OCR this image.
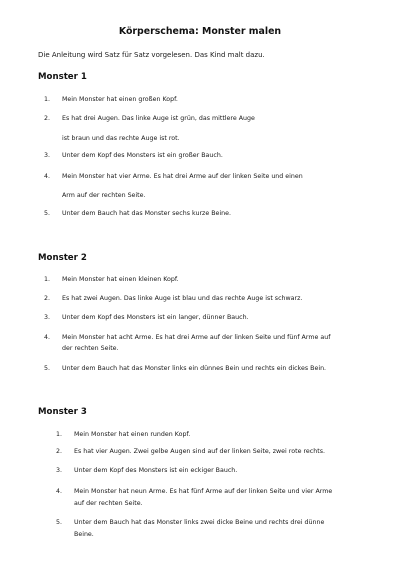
Körperschema: Monster malen
Die Anleitung wird Satz für Satz vorgelesen. Das Kind malt dazu.
Monster 1
1. Mein Monster hat einen großen Kopf.
2. Es hat drei Augen. Das linke Auge ist grün, das mittlere Auge
ist braun und das rechte Auge ist rot.
3. Unter dem Kopf des Monsters ist ein großer Bauch.
4. Mein Monster hat vier Arme. Es hat drei Arme auf der linken Seite und einen
Arm auf der rechten Seite.
5. Unter dem Bauch hat das Monster sechs kurze Beine.
Monster 2
1. Mein Monster hat einen kleinen Kopf.
2. Es hat zwei Augen. Das linke Auge ist blau und das rechte Auge ist schwarz.
3. Unter dem Kopf des Monsters ist ein langer, dünner Bauch.
4. Mein Monster hat acht Arme. Es hat drei Arme auf der linken Seite und fünf Arme auf
der rechten Seite.
5. Unter dem Bauch hat das Monster links ein dünnes Bein und rechts ein dickes Bein.
Monster 3
1. Mein Monster hat einen runden Kopf.
2. Es hat vier Augen. Zwei gelbe Augen sind auf der linken Seite, zwei rote rechts.
3. Unter dem Kopf des Monsters ist ein eckiger Bauch.
4. Mein Monster hat neun Arme. Es hat fünf Arme auf der linken Seite und vier Arme
auf der rechten Seite.
5. Unter dem Bauch hat das Monster links zwei dicke Beine und rechts drei dünne
Beine.
